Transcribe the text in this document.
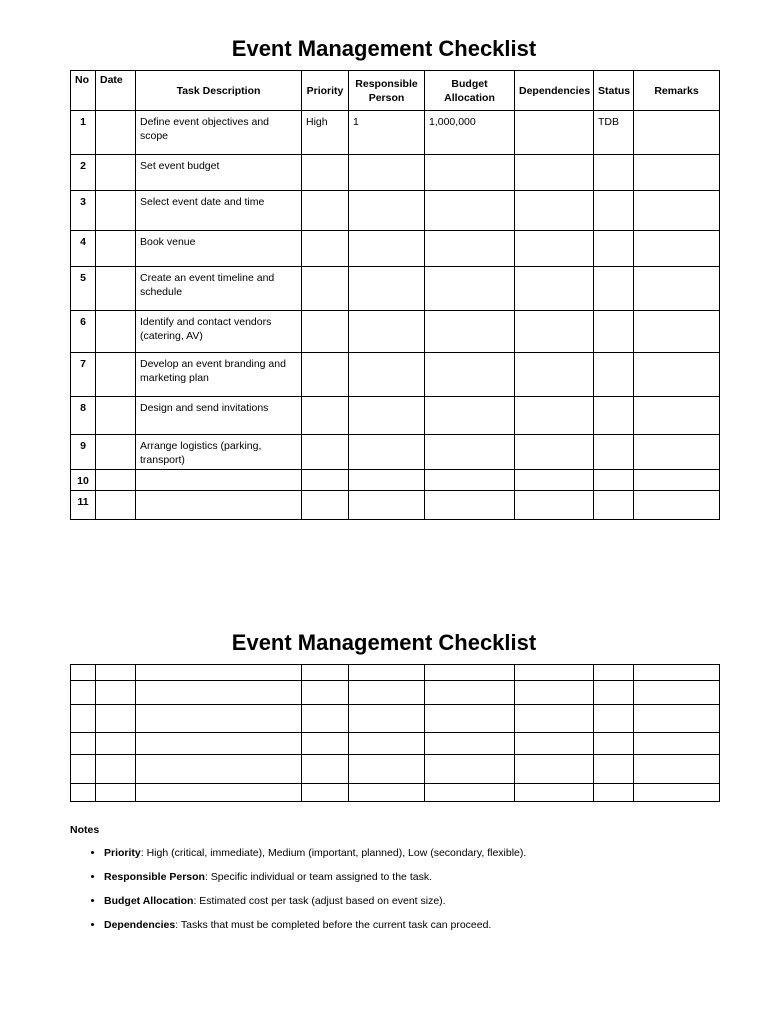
Event Management Checklist
No	Date	Task Description	Priority	Responsible Person	Budget Allocation	Dependencies	Status	Remarks
1		Define event objectives and scope	High	1	1,000,000		TDB	
2		Set event budget						
3		Select event date and time						
4		Book venue						
5		Create an event timeline and schedule						
6		Identify and contact vendors (catering, AV)						
7		Develop an event branding and marketing plan						
8		Design and send invitations						
9		Arrange logistics (parking, transport)						
10								
11								
Event Management Checklist

Notes
• Priority: High (critical, immediate), Medium (important, planned), Low (secondary, flexible).
• Responsible Person: Specific individual or team assigned to the task.
• Budget Allocation: Estimated cost per task (adjust based on event size).
• Dependencies: Tasks that must be completed before the current task can proceed.
